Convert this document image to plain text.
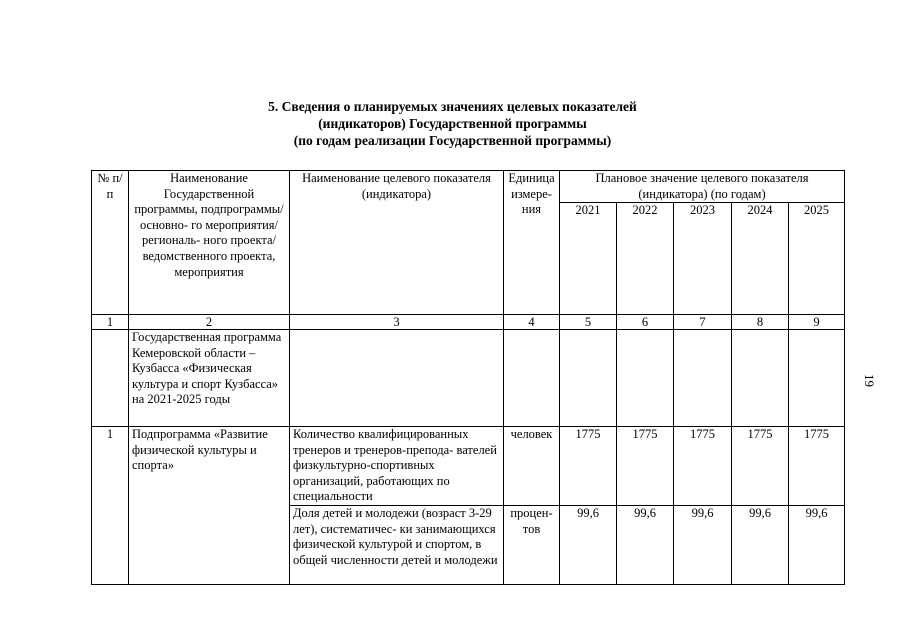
5. Сведения о планируемых значениях целевых показателей
(индикаторов) Государственной программы
(по годам реализации Государственной программы)
19
№ п/п	Наименование Государственной программы, подпрограммы/основно- го мероприятия/региональ- ного проекта/ведомственного проекта, мероприятия	Наименование целевого показателя (индикатора)	Единица измере- ния	Плановое значение целевого показателя (индикатора) (по годам)				
				2021	2022	2023	2024	2025
1	2	3	4	5	6	7	8	9
	Государственная программа Кемеровской области – Кузбасса «Физическая культура и спорт Кузбасса» на 2021-2025 годы							
1	Подпрограмма «Развитие физической культуры и спорта»	Количество квалифицированных тренеров и тренеров-препода- вателей физкультурно-спортивных организаций, работающих по специальности	человек	1775	1775	1775	1775	1775
		Доля детей и молодежи (возраст 3-29 лет), систематичес- ки занимающихся физической культурой и спортом, в общей численности детей и молодежи	процен- тов	99,6	99,6	99,6	99,6	99,6
